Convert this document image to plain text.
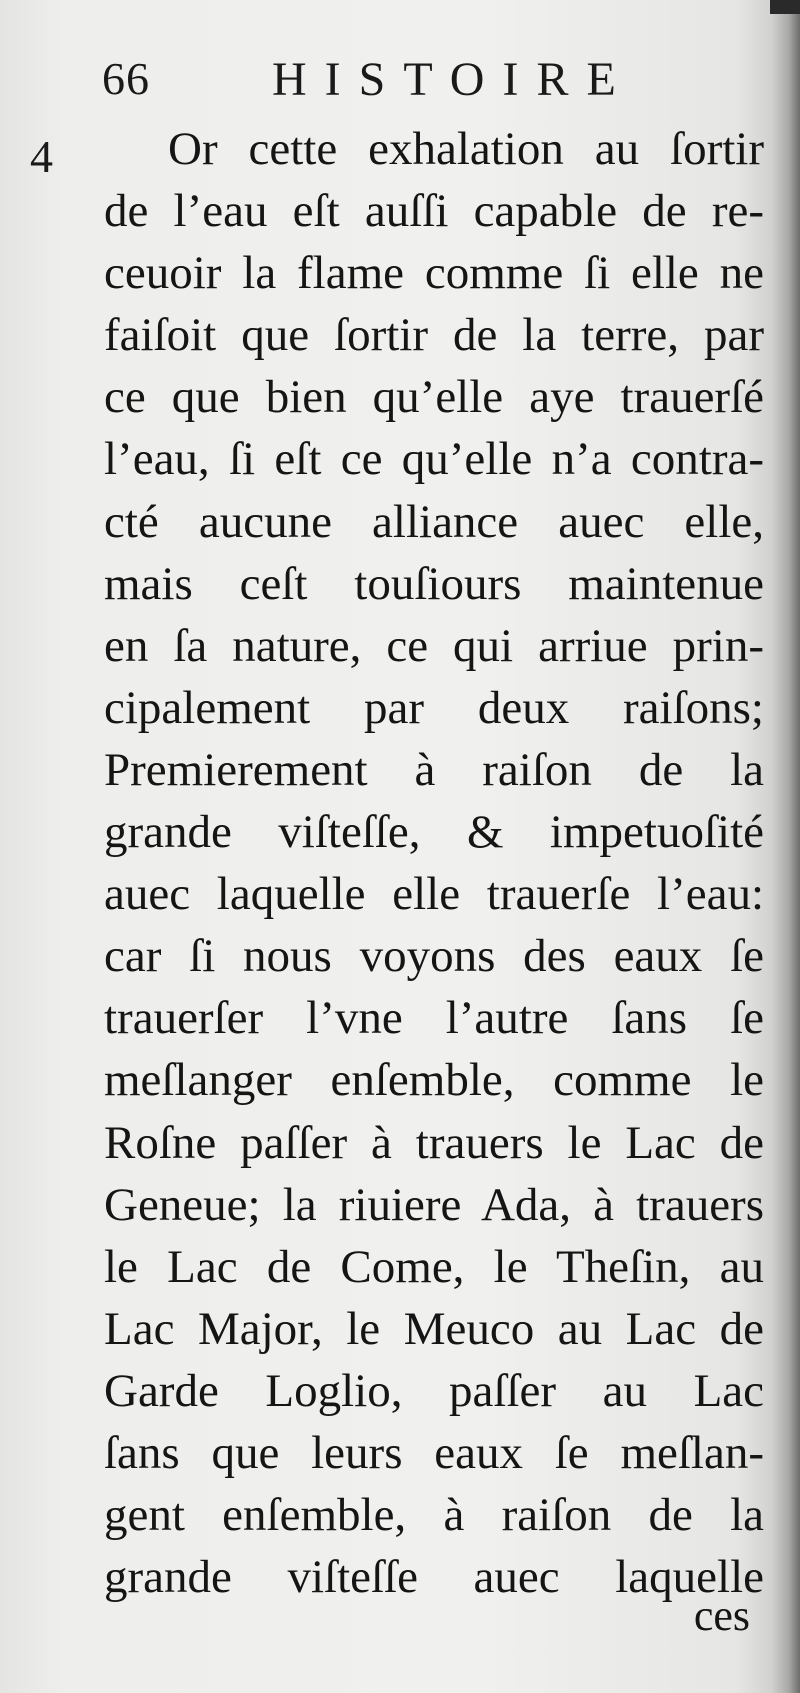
66	HISTOIRE
4	Or cette exhalation au ſortir
de l’eau eſt auſſi capable de re-
ceuoir la flame comme ſi elle ne
faiſoit que ſortir de la terre, par
ce que bien qu’elle aye trauerſé
l’eau, ſi eſt ce qu’elle n’a contra-
cté aucune alliance auec elle,
mais ceſt touſiours maintenue
en ſa nature, ce qui arriue prin-
cipalement par deux raiſons;
Premierement à raiſon de la
grande viſteſſe, & impetuoſité
auec laquelle elle trauerſe l’eau:
car ſi nous voyons des eaux ſe
trauerſer l’vne l’autre ſans ſe
meſlanger enſemble, comme le
Roſne paſſer à trauers le Lac de
Geneue; la riuiere Ada, à trauers
le Lac de Come, le Theſin, au
Lac Major, le Meuco au Lac de
Garde Loglio, paſſer au Lac
ſans que leurs eaux ſe meſlan-
gent enſemble, à raiſon de la
grande viſteſſe auec laquelle
ces
